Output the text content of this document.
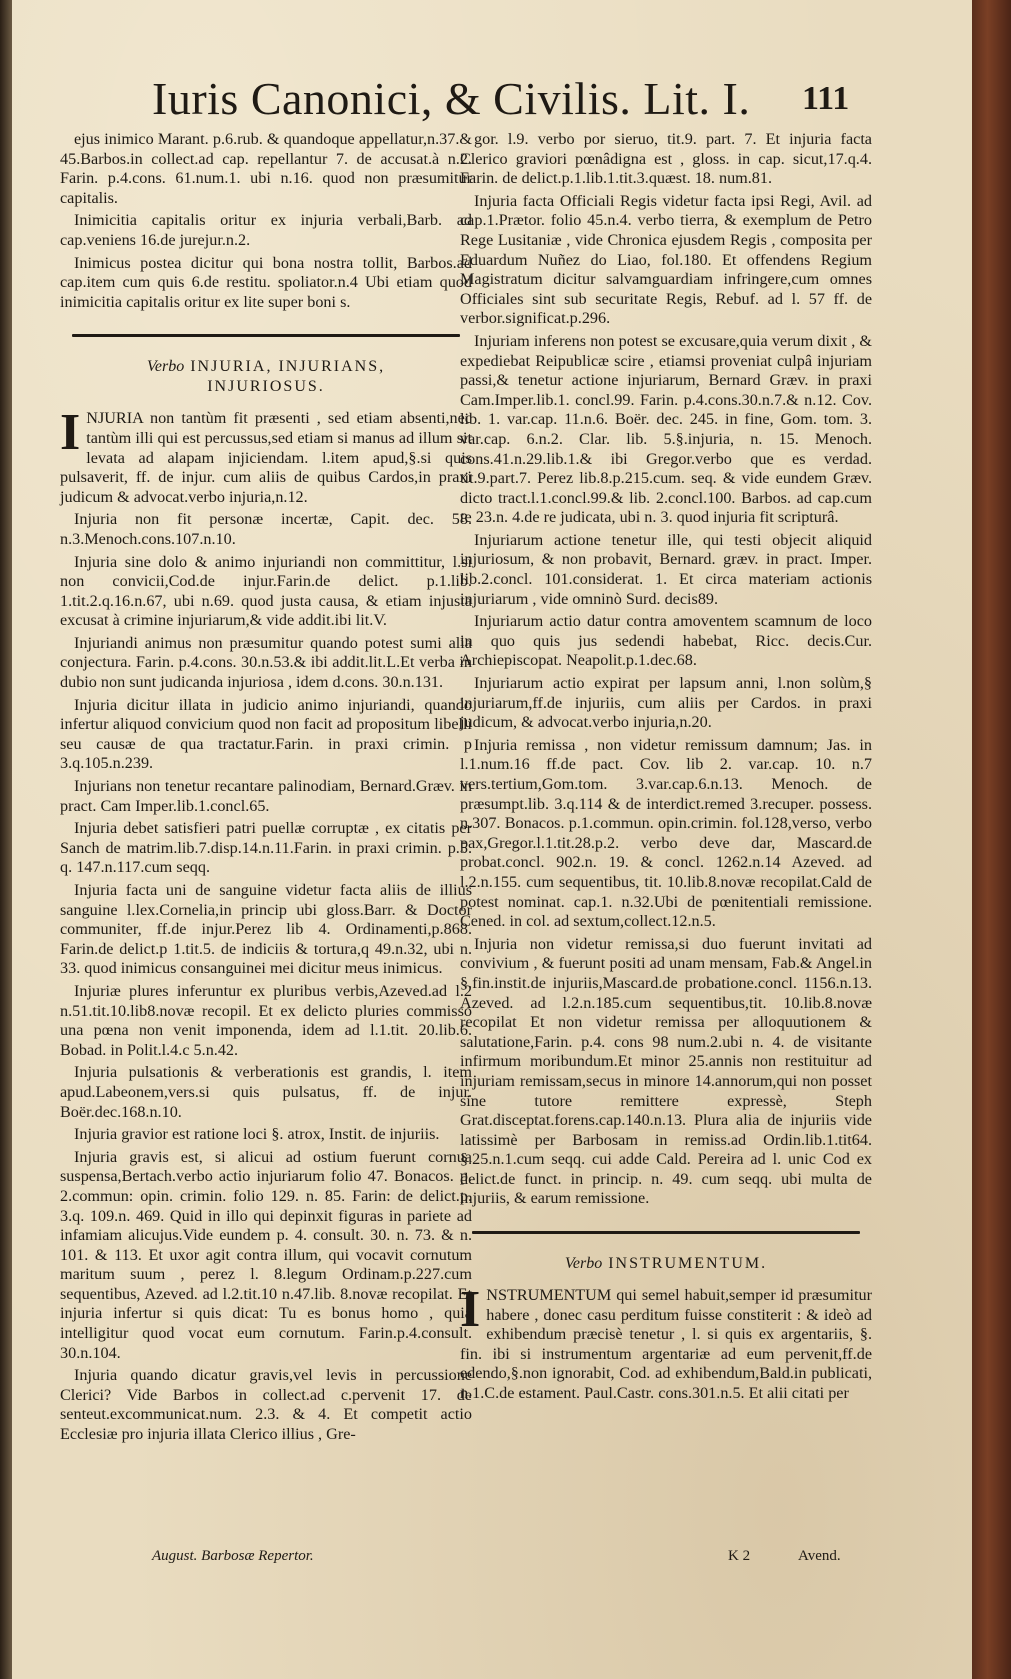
Iuris Canonici, & Civilis. Lit. I. 111

ejus inimico Marant. p.6.rub. & quandoque appellatur,n.37.& 45.Barbos.in collect.ad cap. repellantur 7. de accusat.à n.2. Farin. p.4.cons. 61.num.1. ubi n.16. quod non præsumitur capitalis.

Inimicitia capitalis oritur ex injuria verbali,Barb. ad cap.veniens 16.de jurejur.n.2.

Inimicus postea dicitur qui bona nostra tollit, Barbos.ad cap.item cum quis 6.de restitu. spoliator.n.4 Ubi etiam quod inimicitia capitalis oritur ex lite super boni s.

Verbo INJURIA, INJURIANS,
INJURIOSUS.

I NJURIA non tantùm fit præsenti , sed etiam absenti,nec tantùm illi qui est percussus,sed etiam si manus ad illum sit levata ad alapam injiciendam. l.item apud,§.si quis pulsaverit, ff. de injur. cum aliis de quibus Cardos,in praxi judicum & advocat.verbo injuria,n.12.

Injuria non fit personæ incertæ, Capit. dec. 58. n.3.Menoch.cons.107.n.10.

Injuria sine dolo & animo injuriandi non committitur, l.si non convicii,Cod.de injur.Farin.de delict. p.1.lib. 1.tit.2.q.16.n.67, ubi n.69. quod justa causa, & etiam injusta excusat à crimine injuriarum,& vide addit.ibi lit.V.

Injuriandi animus non præsumitur quando potest sumi alia conjectura. Farin. p.4.cons. 30.n.53.& ibi addit.lit.L.Et verba in dubio non sunt judicanda injuriosa , idem d.cons. 30.n.131.

Injuria dicitur illata in judicio animo injuriandi, quando infertur aliquod convicium quod non facit ad propositum libelli seu causæ de qua tractatur.Farin. in praxi crimin. p 3.q.105.n.239.

Injurians non tenetur recantare palinodiam, Bernard.Græv. in pract. Cam Imper.lib.1.concl.65.

Injuria debet satisfieri patri puellæ corruptæ , ex citatis per Sanch de matrim.lib.7.disp.14.n.11.Farin. in praxi crimin. p.5. q. 147.n.117.cum seqq.

Injuria facta uni de sanguine videtur facta aliis de illius sanguine l.lex.Cornelia,in princip ubi gloss.Barr. & Doctor communiter, ff.de injur.Perez lib 4. Ordinamenti,p.868. Farin.de delict.p 1.tit.5. de indiciis & tortura,q 49.n.32, ubi n. 33. quod inimicus consanguinei mei dicitur meus inimicus.

Injuriæ plures inferuntur ex pluribus verbis,Azeved.ad l.2 n.51.tit.10.lib8.novæ recopil. Et ex delicto pluries commisso una pœna non venit imponenda, idem ad l.1.tit. 20.lib.6. Bobad. in Polit.l.4.c 5.n.42.

Injuria pulsationis & verberationis est grandis, l. item apud.Labeonem,vers.si quis pulsatus, ff. de injur. Boër.dec.168.n.10.

Injuria gravior est ratione loci §. atrox, Instit. de injuriis.

Injuria gravis est, si alicui ad ostium fuerunt cornua suspensa,Bertach.verbo actio injuriarum folio 47. Bonacos. p. 2.commun: opin. crimin. folio 129. n. 85. Farin: de delict.p. 3.q. 109.n. 469. Quid in illo qui depinxit figuras in pariete ad infamiam alicujus.Vide eundem p. 4. consult. 30. n. 73. & n. 101. & 113. Et uxor agit contra illum, qui vocavit cornutum maritum suum , perez l. 8.legum Ordinam.p.227.cum sequentibus, Azeved. ad l.2.tit.10 n.47.lib. 8.novæ recopilat. Et injuria infertur si quis dicat: Tu es bonus homo , quia intelligitur quod vocat eum cornutum. Farin.p.4.consult. 30.n.104.

Injuria quando dicatur gravis,vel levis in percussione Clerici? Vide Barbos in collect.ad c.pervenit 17. de senteut.excommunicat.num. 2.3. & 4. Et competit actio Ecclesiæ pro injuria illata Clerico illius , Gre-

gor. l.9. verbo por sieruo, tit.9. part. 7. Et injuria facta Clerico graviori pœnâdigna est , gloss. in cap. sicut,17.q.4. Farin. de delict.p.1.lib.1.tit.3.quæst. 18. num.81.

Injuria facta Officiali Regis videtur facta ipsi Regi, Avil. ad cap.1.Prætor. folio 45.n.4. verbo tierra, & exemplum de Petro Rege Lusitaniæ , vide Chronica ejusdem Regis , composita per Eduardum Nuñez do Liao, fol.180. Et offendens Regium Magistratum dicitur salvamguardiam infringere,cum omnes Officiales sint sub securitate Regis, Rebuf. ad l. 57 ff. de verbor.significat.p.296.

Injuriam inferens non potest se excusare,quia verum dixit , & expediebat Reipublicæ scire , etiamsi proveniat culpâ injuriam passi,& tenetur actione injuriarum, Bernard Græv. in praxi Cam.Imper.lib.1. concl.99. Farin. p.4.cons.30.n.7.& n.12. Cov. lib. 1. var.cap. 11.n.6. Boër. dec. 245. in fine, Gom. tom. 3. var.cap. 6.n.2. Clar. lib. 5.§.injuria, n. 15. Menoch. cons.41.n.29.lib.1.& ibi Gregor.verbo que es verdad. tit.9.part.7. Perez lib.8.p.215.cum. seq. & vide eundem Græv. dicto tract.l.1.concl.99.& lib. 2.concl.100. Barbos. ad cap.cum te 23.n. 4.de re judicata, ubi n. 3. quod injuria fit scripturâ.

Injuriarum actione tenetur ille, qui testi objecit aliquid injuriosum, & non probavit, Bernard. græv. in pract. Imper. lib.2.concl. 101.considerat. 1. Et circa materiam actionis injuriarum , vide omninò Surd. decis89.

Injuriarum actio datur contra amoventem scamnum de loco in quo quis jus sedendi habebat, Ricc. decis.Cur. Archiepiscopat. Neapolit.p.1.dec.68.

Injuriarum actio expirat per lapsum anni, l.non solùm,§ injuriarum,ff.de injuriis, cum aliis per Cardos. in praxi judicum, & advocat.verbo injuria,n.20.

Injuria remissa , non videtur remissum damnum; Jas. in l.1.num.16 ff.de pact. Cov. lib 2. var.cap. 10. n.7 vers.tertium,Gom.tom. 3.var.cap.6.n.13. Menoch. de præsumpt.lib. 3.q.114 & de interdict.remed 3.recuper. possess. n.307. Bonacos. p.1.commun. opin.crimin. fol.128,verso, verbo pax,Gregor.l.1.tit.28.p.2. verbo deve dar, Mascard.de probat.concl. 902.n. 19. & concl. 1262.n.14 Azeved. ad l.2.n.155. cum sequentibus, tit. 10.lib.8.novæ recopilat.Cald de potest nominat. cap.1. n.32.Ubi de pœnitentiali remissione. Cened. in col. ad sextum,collect.12.n.5.

Injuria non videtur remissa,si duo fuerunt invitati ad convivium , & fuerunt positi ad unam mensam, Fab.& Angel.in §.fin.instit.de injuriis,Mascard.de probatione.concl. 1156.n.13. Azeved. ad l.2.n.185.cum sequentibus,tit. 10.lib.8.novæ recopilat Et non videtur remissa per alloquutionem & salutatione,Farin. p.4. cons 98 num.2.ubi n. 4. de visitante infirmum moribundum.Et minor 25.annis non restituitur ad injuriam remissam,secus in minore 14.annorum,qui non posset sine tutore remittere expressè, Steph Grat.disceptat.forens.cap.140.n.13. Plura alia de injuriis vide latissimè per Barbosam in remiss.ad Ordin.lib.1.tit64. §.25.n.1.cum seqq. cui adde Cald. Pereira ad l. unic Cod ex delict.de funct. in princip. n. 49. cum seqq. ubi multa de injuriis, & earum remissione.

Verbo INSTRUMENTUM.

I NSTRUMENTUM qui semel habuit,semper id præsumitur habere , donec casu perditum fuisse constiterit : & ideò ad exhibendum præcisè tenetur , l. si quis ex argentariis, §. fin. ibi si instrumentum argentariæ ad eum pervenit,ff.de edendo,§.non ignorabit, Cod. ad exhibendum,Bald.in publicati, n.1.C.de estament. Paul.Castr. cons.301.n.5. Et alii citati per

August. Barbosæ Repertor.	K 2	Avend.
